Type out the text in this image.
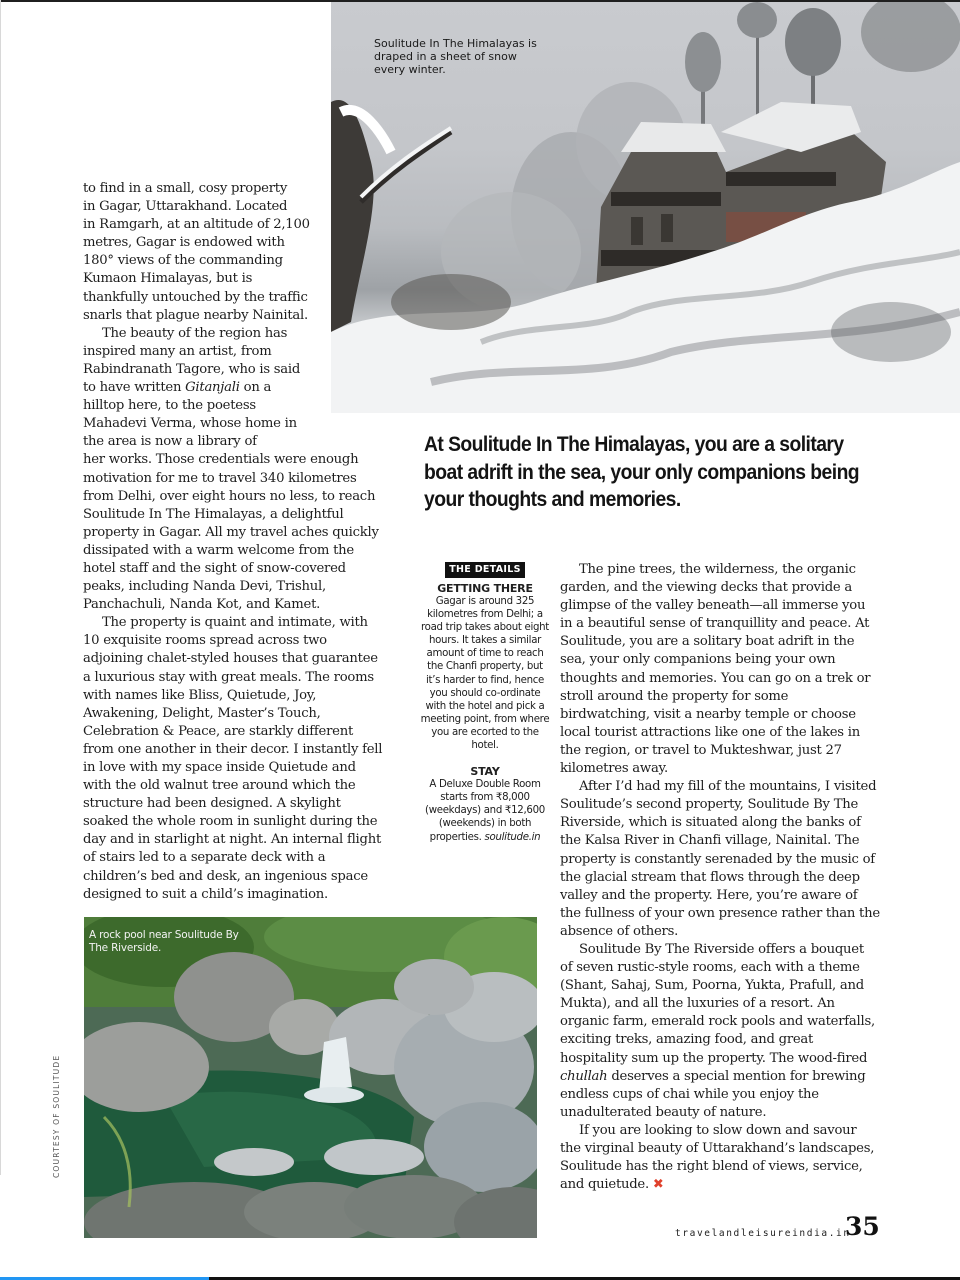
Soulitude In The Himalayas is draped in a sheet of snow every winter.

to find in a small, cosy property
in Gagar, Uttarakhand. Located
in Ramgarh, at an altitude of 2,100
metres, Gagar is endowed with
180° views of the commanding
Kumaon Himalayas, but is
thankfully untouched by the traffic
snarls that plague nearby Nainital.

The beauty of the region has inspired many an artist, from Rabindranath Tagore, who is said to have written Gitanjali on a hilltop here, to the poetess Mahadevi Verma, whose home in the area is now a library of

her works. Those credentials were enough motivation for me to travel 340 kilometres from Delhi, over eight hours no less, to reach Soulitude In The Himalayas, a delightful property in Gagar. All my travel aches quickly dissipated with a warm welcome from the hotel staff and the sight of snow-covered peaks, including Nanda Devi, Trishul, Panchachuli, Nanda Kot, and Kamet.

The property is quaint and intimate, with 10 exquisite rooms spread across two adjoining chalet-styled houses that guarantee a luxurious stay with great meals. The rooms with names like Bliss, Quietude, Joy, Awakening, Delight, Master’s Touch, Celebration & Peace, are starkly different from one another in their decor. I instantly fell in love with my space inside Quietude and with the old walnut tree around which the structure had been designed. A skylight soaked the whole room in sunlight during the day and in starlight at night. An internal flight of stairs led to a separate deck with a children’s bed and desk, an ingenious space designed to suit a child’s imagination.

At Soulitude In The Himalayas, you are a solitary boat adrift in the sea, your only companions being your thoughts and memories.
THE DETAILS
GETTING THERE

Gagar is around 325 kilometres from Delhi; a road trip takes about eight hours. It takes a similar amount of time to reach the Chanfi property, but it’s harder to find, hence you should co-ordinate with the hotel and pick a meeting point, from where you are ecorted to the hotel.

STAY

A Deluxe Double Room starts from ₹8,000 (weekdays) and ₹12,600 (weekends) in both properties. soulitude.in

The pine trees, the wilderness, the organic garden, and the viewing decks that provide a glimpse of the valley beneath—all immerse you in a beautiful sense of tranquillity and peace. At Soulitude, you are a solitary boat adrift in the sea, your only companions being your own thoughts and memories. You can go on a trek or stroll around the property for some birdwatching, visit a nearby temple or choose local tourist attractions like one of the lakes in the region, or travel to Mukteshwar, just 27 kilometres away.

After I’d had my fill of the mountains, I visited Soulitude’s second property, Soulitude By The Riverside, which is situated along the banks of the Kalsa River in Chanfi village, Nainital. The property is constantly serenaded by the music of the glacial stream that flows through the deep valley and the property. Here, you’re aware of the fullness of your own presence rather than the absence of others.

Soulitude By The Riverside offers a bouquet of seven rustic-style rooms, each with a theme (Shant, Sahaj, Sum, Poorna, Yukta, Prafull, and Mukta), and all the luxuries of a resort. An organic farm, emerald rock pools and waterfalls, exciting treks, amazing food, and great hospitality sum up the property. The wood-fired chullah deserves a special mention for brewing endless cups of chai while you enjoy the unadulterated beauty of nature.

If you are looking to slow down and savour the virginal beauty of Uttarakhand’s landscapes, Soulitude has the right blend of views, service, and quietude. ✖

A rock pool near Soulitude By The Riverside.
COURTESY OF SOULITUDE
travelandleisureindia.in
35
